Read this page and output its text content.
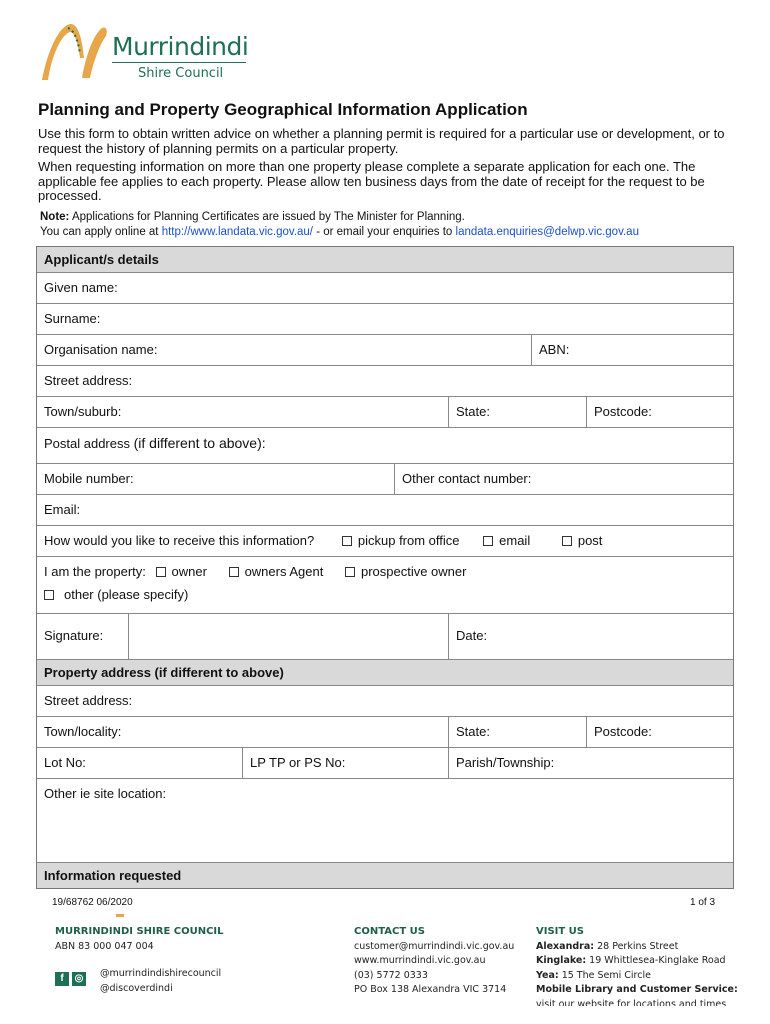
Murrindindi
Shire Council
Planning and Property Geographical Information Application

Use this form to obtain written advice on whether a planning permit is required for a particular use or development, or to request the history of planning permits on a particular property.

When requesting information on more than one property please complete a separate application for each one. The applicable fee applies to each property. Please allow ten business days from the date of receipt for the request to be processed.

Note: Applications for Planning Certificates are issued by The Minister for Planning.
You can apply online at http://www.landata.vic.gov.au/ - or email your enquiries to landata.enquiries@delwp.vic.gov.au
Applicant/s details
Given name:
Surname:
Organisation name:	ABN:
Street address:
Town/suburb:	State:	Postcode:
Postal address (if different to above):
Mobile number:	Other contact number:
Email:
How would you like to receive this information?	pickup from office	email	post
I am the property: owner	owners Agent	prospective owner
other (please specify)
Signature:	Date:
Property address (if different to above)
Street address:
Town/locality:	State:	Postcode:
Lot No:	LP TP or PS No:	Parish/Township:
Other ie site location:
Information requested
19/68762 06/2020	1 of 3
MURRINDINDI SHIRE COUNCIL
ABN 83 000 047 004
f	◎ @murrindindishirecouncil
@discoverdindi
CONTACT US
customer@murrindindi.vic.gov.au
www.murrindindi.vic.gov.au
(03) 5772 0333
PO Box 138 Alexandra VIC 3714
VISIT US
Alexandra: 28 Perkins Street
Kinglake: 19 Whittlesea-Kinglake Road
Yea: 15 The Semi Circle
Mobile Library and Customer Service:
visit our website for locations and times
